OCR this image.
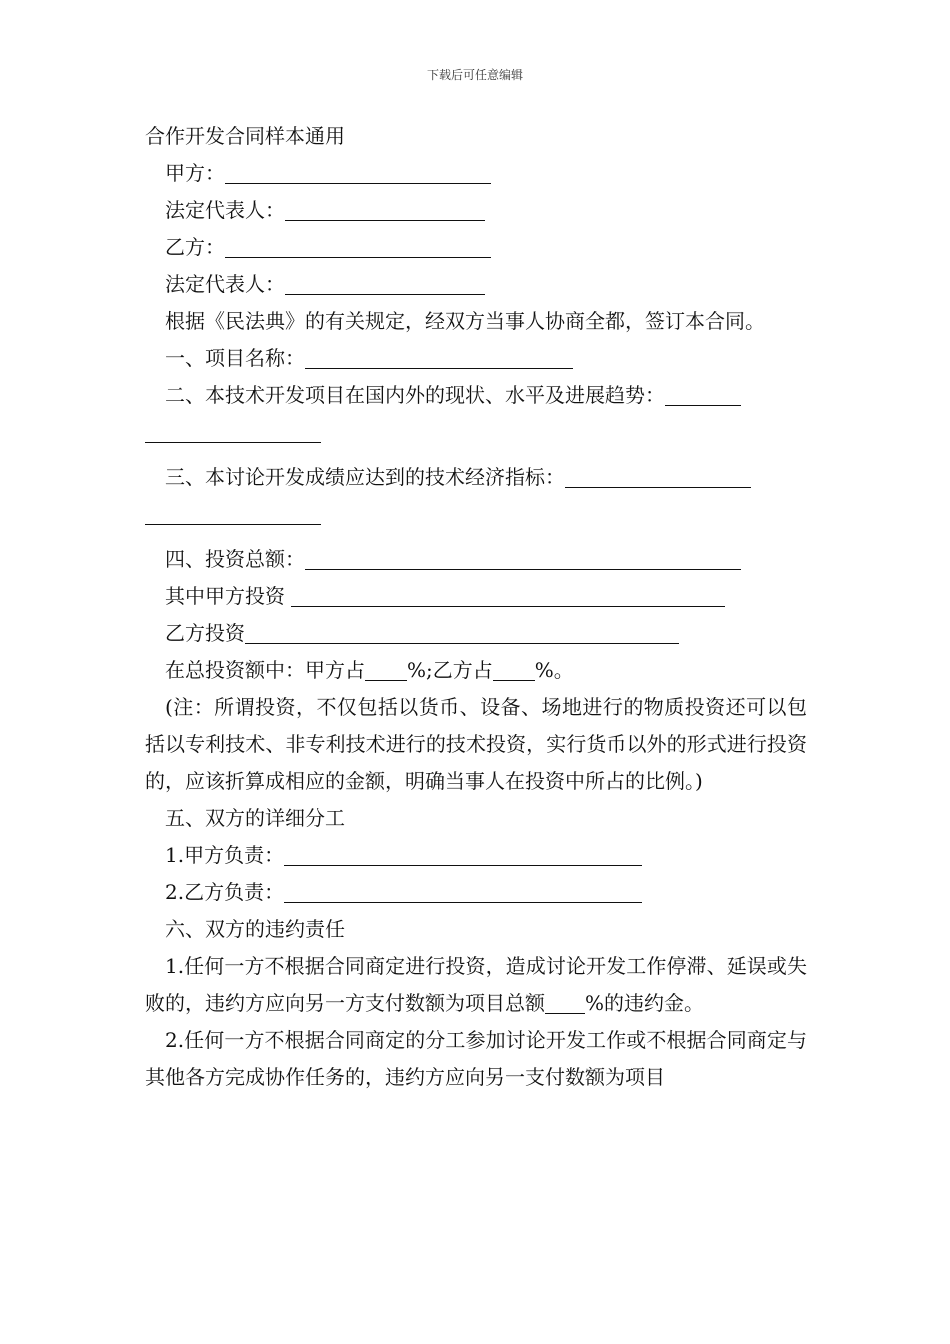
下载后可任意编辑
合作开发合同样本通用
甲方：
法定代表人：
乙方：
法定代表人：
根据《民法典》的有关规定，经双方当事人协商全都，签订本合同。
一、项目名称：
二、本技术开发项目在国内外的现状、水平及进展趋势：
三、本讨论开发成绩应达到的技术经济指标：
四、投资总额：
其中甲方投资
乙方投资
在总投资额中：甲方占 %;乙方占 %。
(注：所谓投资，不仅包括以货币、设备、场地进行的物质投资还可以包括以专利技术、非专利技术进行的技术投资，实行货币以外的形式进行投资的，应该折算成相应的金额，明确当事人在投资中所占的比例。)
五、双方的详细分工
1.甲方负责：
2.乙方负责：
六、双方的违约责任
1.任何一方不根据合同商定进行投资，造成讨论开发工作停滞、延误或失败的，违约方应向另一方支付数额为项目总额 %的违约金。
2.任何一方不根据合同商定的分工参加讨论开发工作或不根据合同商定与其他各方完成协作任务的，违约方应向另一支付数额为项目
